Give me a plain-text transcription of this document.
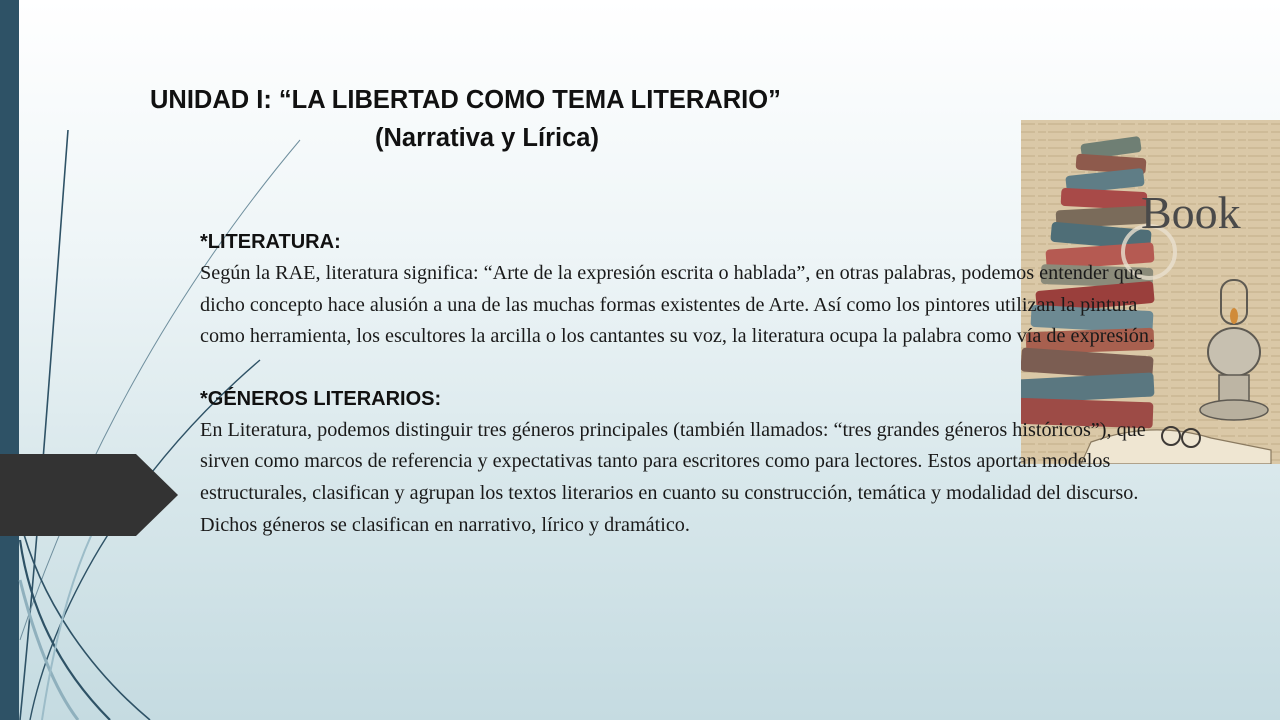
UNIDAD I: “LA LIBERTAD COMO TEMA LITERARIO”
(Narrativa y Lírica)
Book

*LITERATURA:

Según la RAE, literatura significa: “Arte de la expresión escrita o hablada”, en otras palabras, podemos entender que dicho concepto hace alusión a una de las muchas formas existentes de Arte. Así como los pintores utilizan la pintura como herramienta, los escultores la arcilla o los cantantes su voz, la literatura ocupa la palabra como vía de expresión.

*GÉNEROS LITERARIOS:

En Literatura, podemos distinguir tres géneros principales (también llamados: “tres grandes géneros históricos”), que sirven como marcos de referencia y expectativas tanto para escritores como para lectores. Estos aportan modelos estructurales, clasifican y agrupan los textos literarios en cuanto su construcción, temática y modalidad del discurso. Dichos géneros se clasifican en narrativo, lírico y dramático.
